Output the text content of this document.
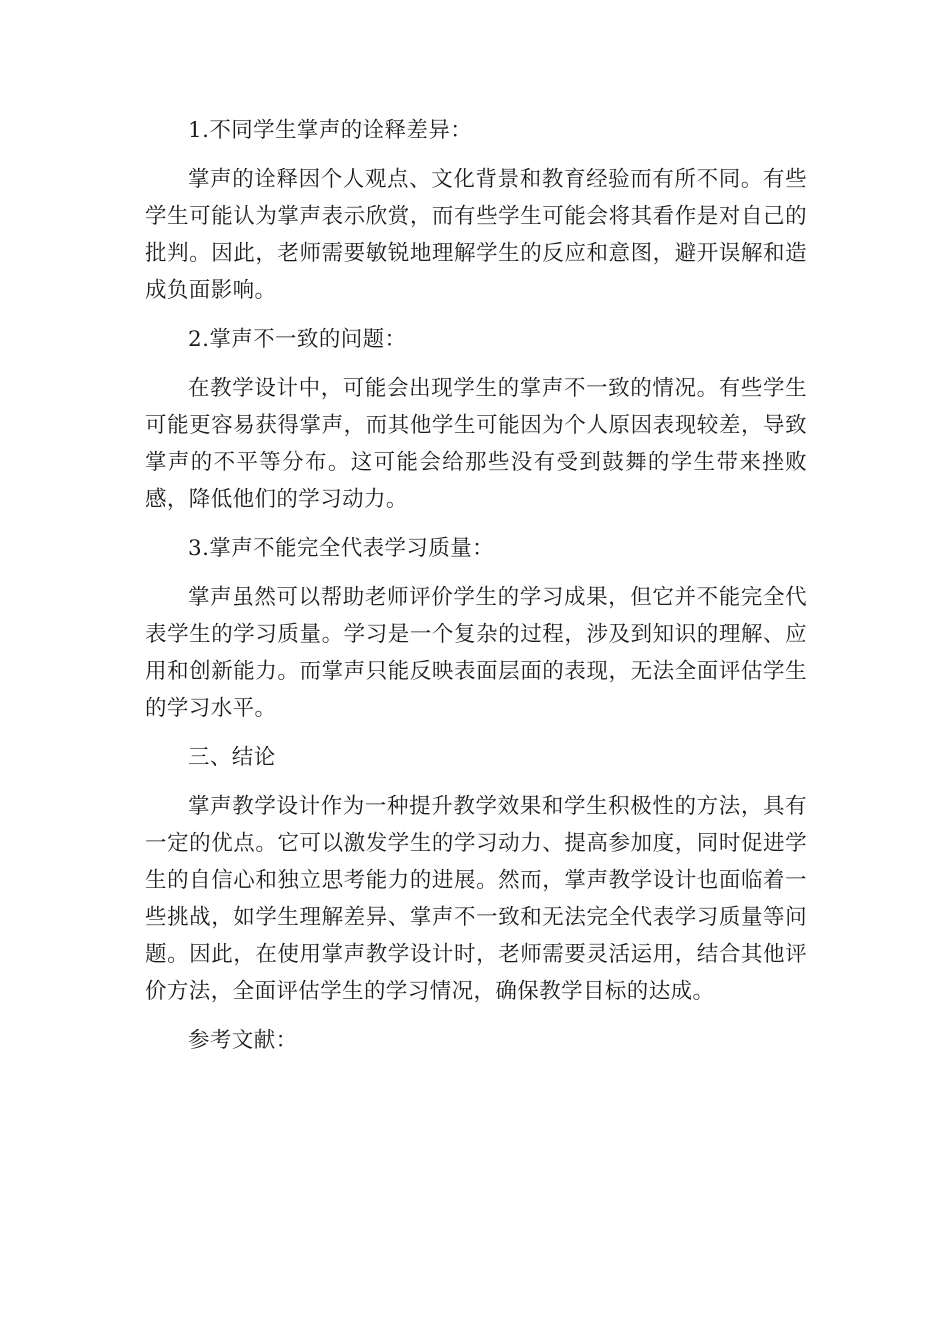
1.不同学生掌声的诠释差异：

掌声的诠释因个人观点、文化背景和教育经验而有所不同。有些学生可能认为掌声表示欣赏，而有些学生可能会将其看作是对自己的批判。因此，老师需要敏锐地理解学生的反应和意图，避开误解和造成负面影响。

2.掌声不一致的问题：

在教学设计中，可能会出现学生的掌声不一致的情况。有些学生可能更容易获得掌声，而其他学生可能因为个人原因表现较差，导致掌声的不平等分布。这可能会给那些没有受到鼓舞的学生带来挫败感，降低他们的学习动力。

3.掌声不能完全代表学习质量：

掌声虽然可以帮助老师评价学生的学习成果，但它并不能完全代表学生的学习质量。学习是一个复杂的过程，涉及到知识的理解、应用和创新能力。而掌声只能反映表面层面的表现，无法全面评估学生的学习水平。

三、结论

掌声教学设计作为一种提升教学效果和学生积极性的方法，具有一定的优点。它可以激发学生的学习动力、提高参加度，同时促进学生的自信心和独立思考能力的进展。然而，掌声教学设计也面临着一些挑战，如学生理解差异、掌声不一致和无法完全代表学习质量等问题。因此，在使用掌声教学设计时，老师需要灵活运用，结合其他评价方法，全面评估学生的学习情况，确保教学目标的达成。

参考文献：
